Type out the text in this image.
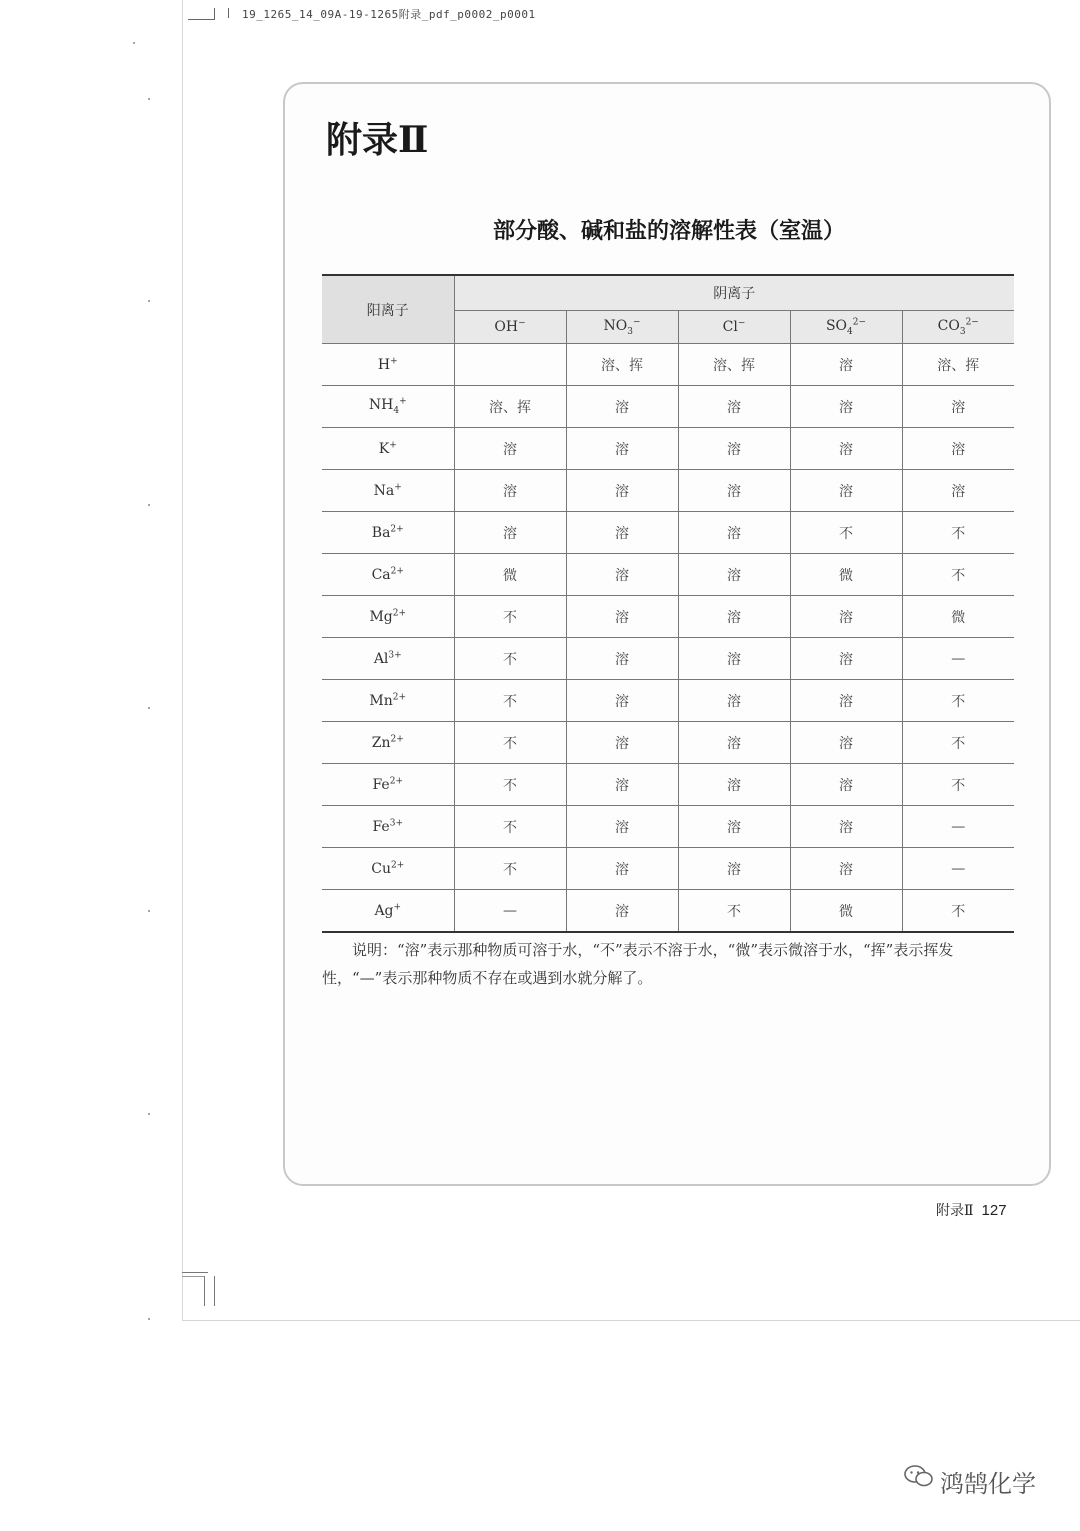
19_1265_14_09A-19-1265附录_pdf_p0002_p0001
附录Ⅱ
部分酸、碱和盐的溶解性表（室温）
阳离子	阴离子				
	OH−	$NO_3^-$	Cl−	$SO_4^{2-}$	$CO_3^{2-}$
H+		溶、挥	溶、挥	溶	溶、挥
$NH_4^+$	溶、挥	溶	溶	溶	溶
K+	溶	溶	溶	溶	溶
Na+	溶	溶	溶	溶	溶
$Ba^{2+}$	溶	溶	溶	不	不
$Ca^{2+}$	微	溶	溶	微	不
$Mg^{2+}$	不	溶	溶	溶	微
$Al^{3+}$	不	溶	溶	溶	—
$Mn^{2+}$	不	溶	溶	溶	不
$Zn^{2+}$	不	溶	溶	溶	不
$Fe^{2+}$	不	溶	溶	溶	不
$Fe^{3+}$	不	溶	溶	溶	—
$Cu^{2+}$	不	溶	溶	溶	—
Ag+	—	溶	不	微	不
说明：“溶”表示那种物质可溶于水，“不”表示不溶于水，“微”表示微溶于水，“挥”表示挥发性，“—”表示那种物质不存在或遇到水就分解了。
附录Ⅱ 127
鸿鹄化学
